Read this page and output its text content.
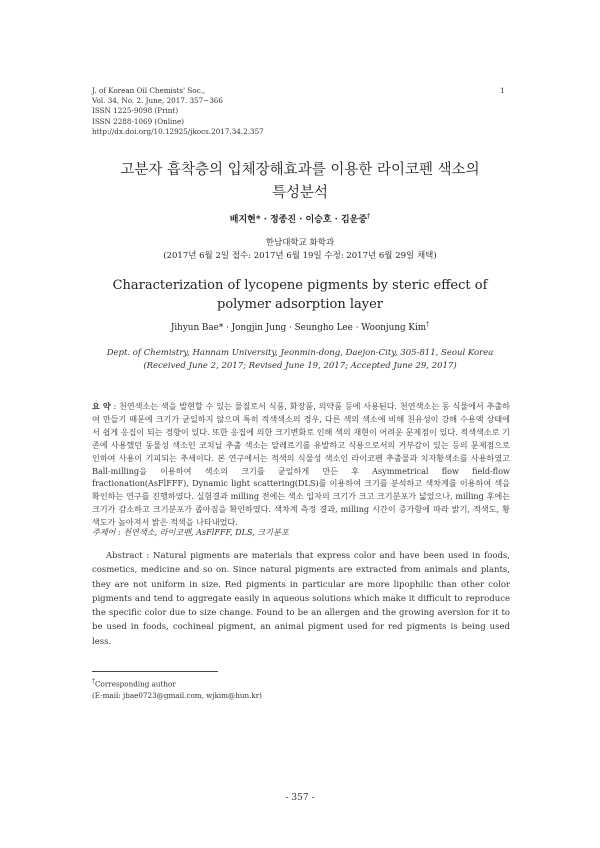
J. of Korean Oil Chemists' Soc.,
Vol. 34, No. 2. June, 2017. 357~366
ISSN 1225-9098 (Print)
ISSN 2288-1069 (Online)
http://dx.doi.org/10.12925/jkocs.2017.34.2.357
1
고분자 흡착층의 입체장해효과를 이용한 라이코펜 색소의
특성분석
배지현* · 정종진 · 이승호 · 김운중†
한남대학교 화학과
(2017년 6월 2일 접수: 2017년 6월 19일 수정: 2017년 6월 29일 채택)
Characterization of lycopene pigments by steric effect of
polymer adsorption layer
Jihyun Bae* · Jongjin Jung · Seungho Lee · Woonjung Kim†
Dept. of Chemistry, Hannam University, Jeonmin-dong, Daejon-City, 305-811, Seoul Korea
(Received June 2, 2017; Revised June 19, 2017; Accepted June 29, 2017)
요 약 : 천연색소는 색을 발현할 수 있는 물질로서 식품, 화장품, 의약품 등에 사용된다. 천연색소는 동 식물에서 추출하여 만들기 때문에 크기가 균일하지 않으며 특히 적색색소의 경우, 다른 색의 색소에 비해 친유성이 강해 수용액 상태에서 쉽게 응집이 되는 경향이 있다. 또한 응집에 의한 크기변화로 인해 색의 재현이 어려운 문제점이 있다. 적색색소로 기존에 사용했던 동물성 색소인 코치닐 추출 색소는 알레르기를 유발하고 식용으로서의 거부감이 있는 등의 문제점으로 인하여 사용이 기피되는 추세이다. 본 연구에서는 적색의 식물성 색소인 라이코펜 추출물과 치자황색소를 사용하였고 Ball-milling을 이용하여 색소의 크기를 균일하게 만든 후 Asymmetrical flow field-flow fractionation(AsFlFFF), Dynamic light scattering(DLS)를 이용하여 크기를 분석하고 색차계를 이용하여 색을 확인하는 연구를 진행하였다. 실험결과 milling 전에는 색소 입자의 크기가 크고 크기분포가 넓었으나, milling 후에는 크기가 감소하고 크기분포가 좁아짐을 확인하였다. 색차계 측정 결과, milling 시간이 증가함에 따라 밝기, 적색도, 황색도가 높아져서 밝은 적색을 나타내었다.
주제어 : 천연색소, 라이코펜, AsFlFFF, DLS, 크기분포
Abstract : Natural pigments are materials that express color and have been used in foods, cosmetics, medicine and so on. Since natural pigments are extracted from animals and plants, they are not uniform in size. Red pigments in particular are more lipophilic than other color pigments and tend to aggregate easily in aqueous solutions which make it difficult to reproduce the specific color due to size change. Found to be an allergen and the growing aversion for it to be used in foods, cochineal pigment, an animal pigment used for red pigments is being used less.
†Corresponding author
(E-mail: jbae0723@gmail.com, wjkim@hun.kr)
- 357 -
